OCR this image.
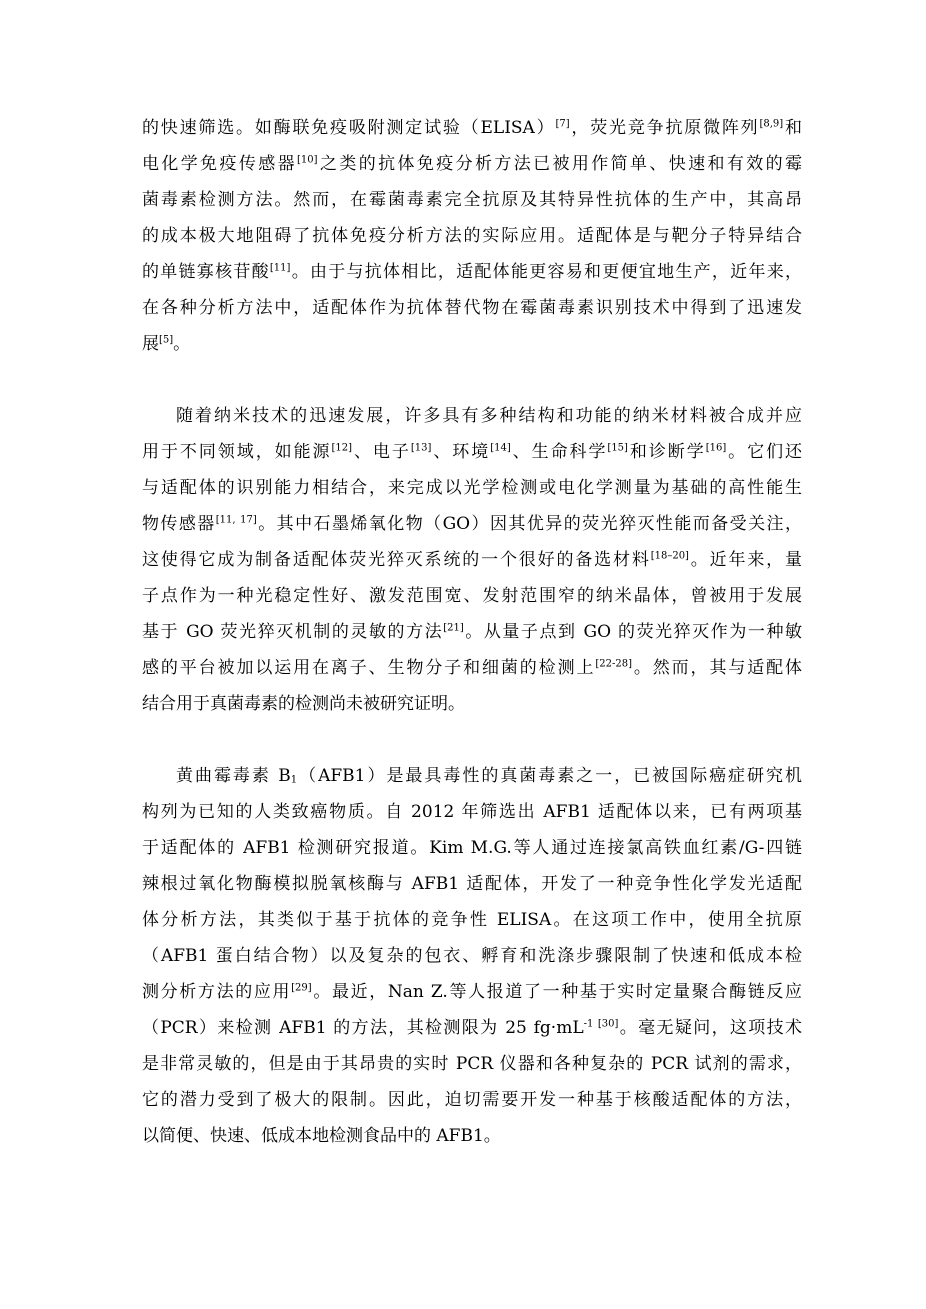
的快速筛选。如酶联免疫吸附测定试验（ELISA）[7]，荧光竞争抗原微阵列[8,9]和
电化学免疫传感器[10]之类的抗体免疫分析方法已被用作简单、快速和有效的霉
菌毒素检测方法。然而，在霉菌毒素完全抗原及其特异性抗体的生产中，其高昂
的成本极大地阻碍了抗体免疫分析方法的实际应用。适配体是与靶分子特异结合
的单链寡核苷酸[11]。由于与抗体相比，适配体能更容易和更便宜地生产，近年来，
在各种分析方法中，适配体作为抗体替代物在霉菌毒素识别技术中得到了迅速发
展[5]。
随着纳米技术的迅速发展，许多具有多种结构和功能的纳米材料被合成并应
用于不同领域，如能源[12]、电子[13]、环境[14]、生命科学[15]和诊断学[16]。它们还
与适配体的识别能力相结合，来完成以光学检测或电化学测量为基础的高性能生
物传感器[11, 17]。其中石墨烯氧化物（GO）因其优异的荧光猝灭性能而备受关注，
这使得它成为制备适配体荧光猝灭系统的一个很好的备选材料[18–20]。近年来，量
子点作为一种光稳定性好、激发范围宽、发射范围窄的纳米晶体，曾被用于发展
基于 GO 荧光猝灭机制的灵敏的方法[21]。从量子点到 GO 的荧光猝灭作为一种敏
感的平台被加以运用在离子、生物分子和细菌的检测上[22-28]。然而，其与适配体
结合用于真菌毒素的检测尚未被研究证明。
黄曲霉毒素 $B_1(AFB1)$是最具毒性的真菌毒素之一，已被国际癌症研究机
构列为已知的人类致癌物质。自 2012 年筛选出 AFB1 适配体以来，已有两项基
于适配体的 AFB1 检测研究报道。Kim M.G.等人通过连接氯高铁血红素/G-四链
辣根过氧化物酶模拟脱氧核酶与 AFB1 适配体，开发了一种竞争性化学发光适配
体分析方法，其类似于基于抗体的竞争性 ELISA。在这项工作中，使用全抗原
（AFB1 蛋白结合物）以及复杂的包衣、孵育和洗涤步骤限制了快速和低成本检
测分析方法的应用[29]。最近，Nan Z.等人报道了一种基于实时定量聚合酶链反应
（PCR）来检测 AFB1 的方法，其检测限为 25 $fg\cdot mL^{-1 [30]}$。毫无疑问，这项技术
是非常灵敏的，但是由于其昂贵的实时 PCR 仪器和各种复杂的 PCR 试剂的需求，
它的潜力受到了极大的限制。因此，迫切需要开发一种基于核酸适配体的方法，
以简便、快速、低成本地检测食品中的 AFB1。
